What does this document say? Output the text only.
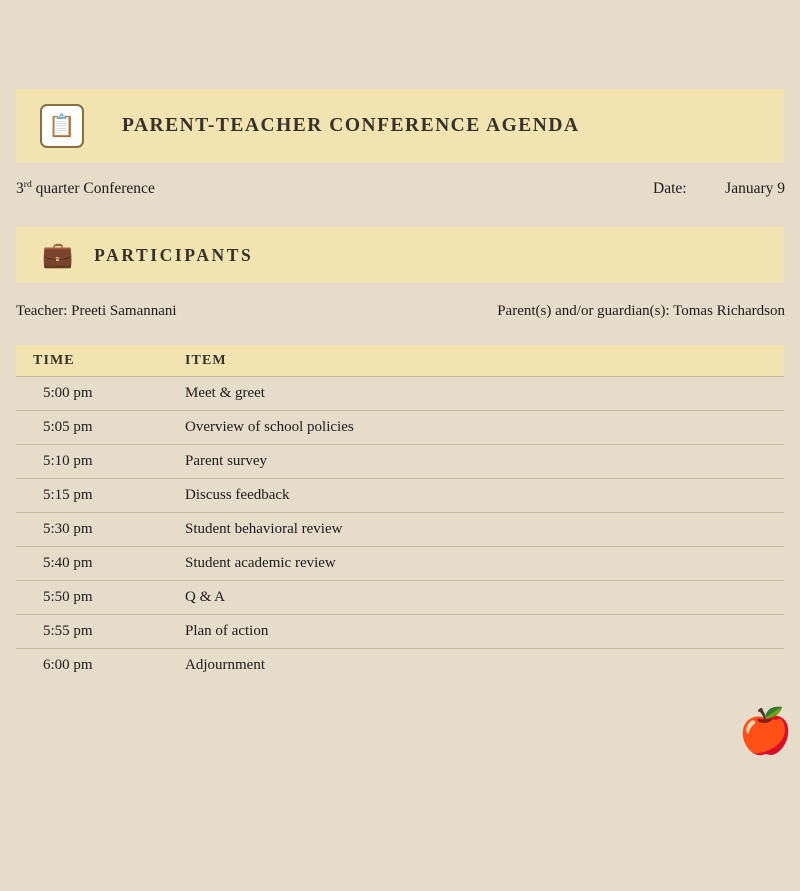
📋	PARENT-TEACHER CONFERENCE AGENDA
3rd quarter Conference	Date: January 9
💼 PARTICIPANTS
Teacher: Preeti Samannani	Parent(s) and/or guardian(s): Tomas Richardson
TIME	ITEM
5:00 pm	Meet & greet
5:05 pm	Overview of school policies
5:10 pm	Parent survey
5:15 pm	Discuss feedback
5:30 pm	Student behavioral review
5:40 pm	Student academic review
5:50 pm	Q & A
5:55 pm	Plan of action
6:00 pm	Adjournment
🍎
